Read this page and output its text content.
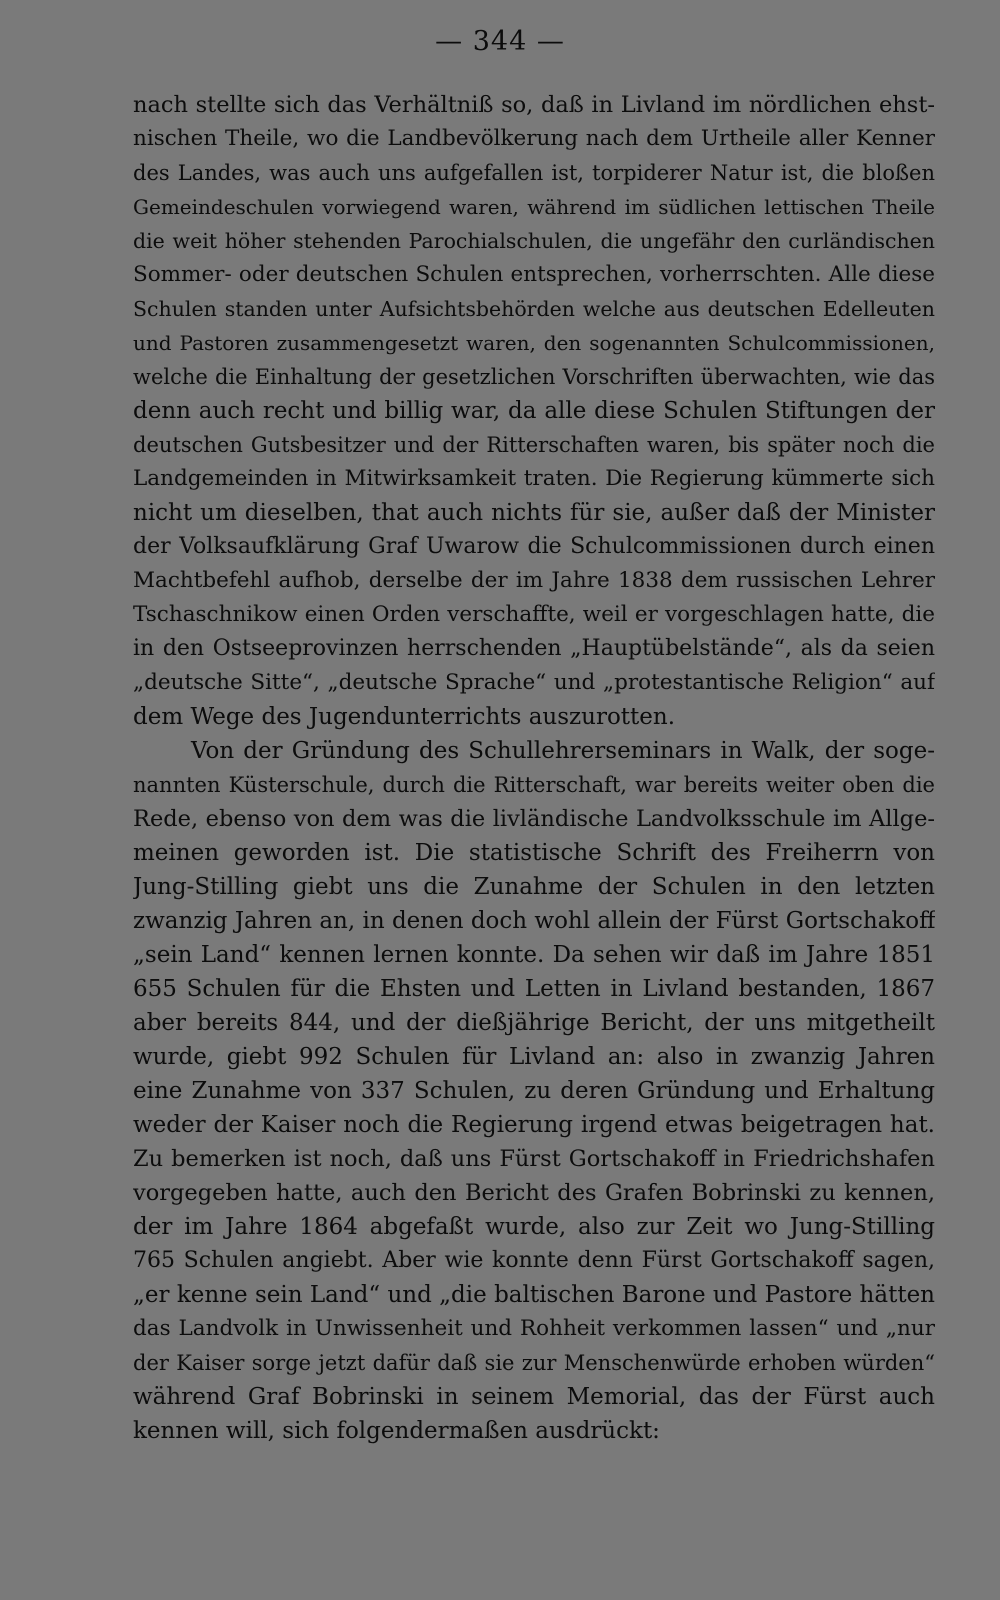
— 344 —
nach stellte sich das Verhältniß so, daß in Livland im nördlichen ehst-
nischen Theile, wo die Landbevölkerung nach dem Urtheile aller Kenner
des Landes, was auch uns aufgefallen ist, torpiderer Natur ist, die bloßen
Gemeindeschulen vorwiegend waren, während im südlichen lettischen Theile
die weit höher stehenden Parochialschulen, die ungefähr den curländischen
Sommer- oder deutschen Schulen entsprechen, vorherrschten. Alle diese
Schulen standen unter Aufsichtsbehörden welche aus deutschen Edelleuten
und Pastoren zusammengesetzt waren, den sogenannten Schulcommissionen,
welche die Einhaltung der gesetzlichen Vorschriften überwachten, wie das
denn auch recht und billig war, da alle diese Schulen Stiftungen der
deutschen Gutsbesitzer und der Ritterschaften waren, bis später noch die
Landgemeinden in Mitwirksamkeit traten. Die Regierung kümmerte sich
nicht um dieselben, that auch nichts für sie, außer daß der Minister
der Volksaufklärung Graf Uwarow die Schulcommissionen durch einen
Machtbefehl aufhob, derselbe der im Jahre 1838 dem russischen Lehrer
Tschaschnikow einen Orden verschaffte, weil er vorgeschlagen hatte, die
in den Ostseeprovinzen herrschenden „Hauptübelstände“, als da seien
„deutsche Sitte“, „deutsche Sprache“ und „protestantische Religion“ auf
dem Wege des Jugendunterrichts auszurotten.
Von der Gründung des Schullehrerseminars in Walk, der soge-
nannten Küsterschule, durch die Ritterschaft, war bereits weiter oben die
Rede, ebenso von dem was die livländische Landvolksschule im Allge-
meinen geworden ist. Die statistische Schrift des Freiherrn von
Jung-Stilling giebt uns die Zunahme der Schulen in den letzten
zwanzig Jahren an, in denen doch wohl allein der Fürst Gortschakoff
„sein Land“ kennen lernen konnte. Da sehen wir daß im Jahre 1851
655 Schulen für die Ehsten und Letten in Livland bestanden, 1867
aber bereits 844, und der dießjährige Bericht, der uns mitgetheilt
wurde, giebt 992 Schulen für Livland an: also in zwanzig Jahren
eine Zunahme von 337 Schulen, zu deren Gründung und Erhaltung
weder der Kaiser noch die Regierung irgend etwas beigetragen hat.
Zu bemerken ist noch, daß uns Fürst Gortschakoff in Friedrichshafen
vorgegeben hatte, auch den Bericht des Grafen Bobrinski zu kennen,
der im Jahre 1864 abgefaßt wurde, also zur Zeit wo Jung-Stilling
765 Schulen angiebt. Aber wie konnte denn Fürst Gortschakoff sagen,
„er kenne sein Land“ und „die baltischen Barone und Pastore hätten
das Landvolk in Unwissenheit und Rohheit verkommen lassen“ und „nur
der Kaiser sorge jetzt dafür daß sie zur Menschenwürde erhoben würden“
während Graf Bobrinski in seinem Memorial, das der Fürst auch
kennen will, sich folgendermaßen ausdrückt:
